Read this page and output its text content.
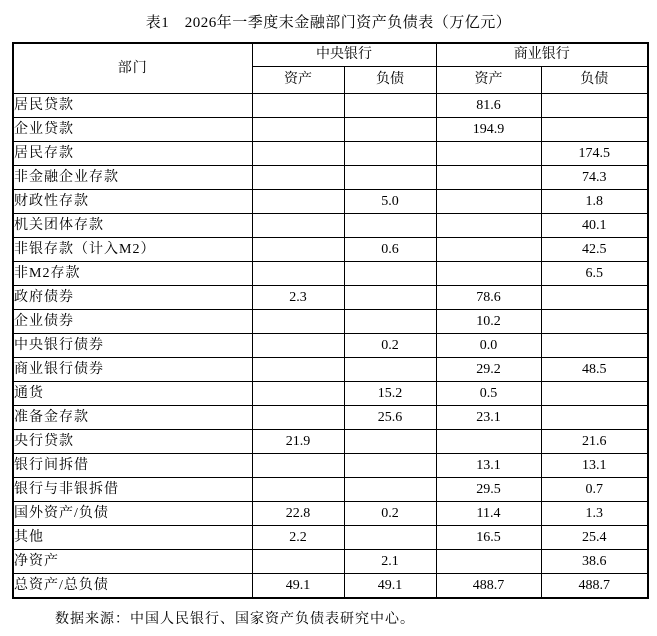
表1　2026年一季度末金融部门资产负债表（万亿元）
部门	中央银行		商业银行	
	资产	负债	资产	负债
居民贷款			81.6	
企业贷款			194.9	
居民存款				174.5
非金融企业存款				74.3
财政性存款		5.0		1.8
机关团体存款				40.1
非银存款（计入M2）		0.6		42.5
非M2存款				6.5
政府债券	2.3		78.6	
企业债券			10.2	
中央银行债券		0.2	0.0	
商业银行债券			29.2	48.5
通货		15.2	0.5	
准备金存款		25.6	23.1	
央行贷款	21.9			21.6
银行间拆借			13.1	13.1
银行与非银拆借			29.5	0.7
国外资产/负债	22.8	0.2	11.4	1.3
其他	2.2		16.5	25.4
净资产		2.1		38.6
总资产/总负债	49.1	49.1	488.7	488.7
数据来源：中国人民银行、国家资产负债表研究中心。
